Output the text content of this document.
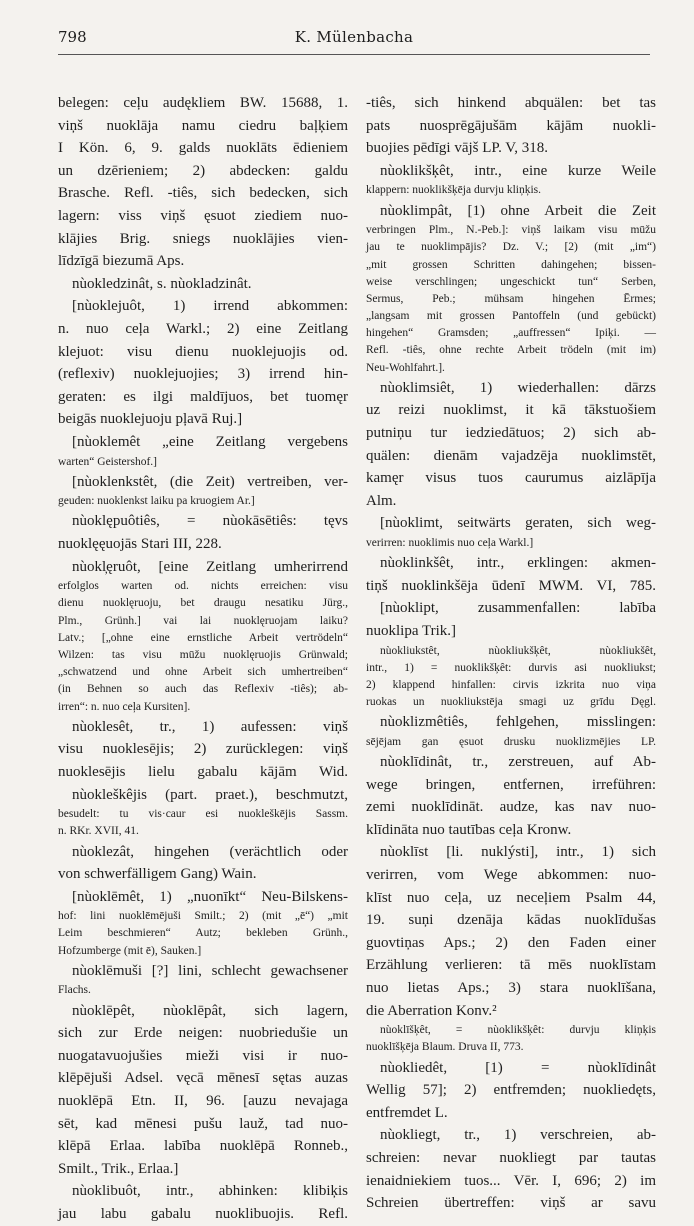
798	K. Mülenbacha
belegen: ceļu audękliem BW. 15688, 1.
viņš nuoklāja namu ciedru baļķiem
I Kön. 6, 9. galds nuoklāts ēdieniem
un dzērieniem; 2) abdecken: galdu
Brasche. Refl. -tiês, sich bedecken, sich
lagern: viss viņš ęsuot ziediem nuo-
klājies Brig. sniegs nuoklājies vien-
līdzīgā biezumā Aps.
nùokledzinât, s. nùokladzinât.
[nùoklejuôt, 1) irrend abkommen:
n. nuo ceļa Warkl.; 2) eine Zeitlang
klejuot: visu dienu nuoklejuojis od.
(reflexiv) nuoklejuojies; 3) irrend hin-
geraten: es ilgi maldījuos, bet tuomęr
beigās nuoklejuoju pļavā Ruj.]
[nùoklemêt „eine Zeitlang vergebens
warten“ Geistershof.]
[nùoklenkstêt, (die Zeit) vertreiben, ver-
geuden: nuoklenkst laiku pa kruogiem Ar.]
nùoklępuôtiês, = nùokāsētiês: tęvs
nuoklęęuojās Stari III, 228.
nùokl̦ęruôt, [eine Zeitlang umherirrend
erfolglos warten od. nichts erreichen: visu
dienu nuoklęruoju, bet draugu nesatiku Jürg.,
Plm., Grünh.] vai lai nuoklęruojam laiku?
Latv.; [„ohne eine ernstliche Arbeit vertrödeln“
Wilzen: tas visu mūžu nuoklęruojis Grünwald;
„schwatzend und ohne Arbeit sich umhertreiben“
(in Behnen so auch das Reflexiv -tiês); ab-
irren“: n. nuo ceļa Kursiten].
nùoklesêt, tr., 1) aufessen: viņš
visu nuoklesējis; 2) zurücklegen: viņš
nuoklesējis lielu gabalu kājām Wid.
nùokleškêjis (part. praet.), beschmutzt,
besudelt: tu vis·caur esi nuokleškējis Sassm.
n. RKr. XVII, 41.
nùoklezât, hingehen (verächtlich oder
von schwerfälligem Gang) Wain.
[nùoklēmêt, 1) „nuonīkt“ Neu-Bilskens-
hof: lini nuoklēmējuši Smilt.; 2) (mit „ē“) „mit
Leim beschmieren“ Autz; bekleben Grünh.,
Hofzumberge (mit ē), Sauken.]
nùoklēmuši [?] lini, schlecht gewachsener
Flachs.
nùoklēpêt, nùoklēpât, sich lagern,
sich zur Erde neigen: nuobriedušie un
nuogatavuojušies mieži visi ir nuo-
klēpējuši Adsel. vęcā mēnesī sętas auzas
nuoklēpā Etn. II, 96. [auzu nevajaga
sēt, kad mēnesi pušu lauž, tad nuo-
klēpā Erlaa. labība nuoklēpā Ronneb.,
Smilt., Trik., Erlaa.]
nùoklibuôt, intr., abhinken: klibiķis
jau labu gabalu nuoklibuojis. Refl.
-tiês, sich hinkend abquälen: bet tas
pats nuosprēgājušām kājām nuokli-
buojies pēdīgi vājš LP. V, 318.
nùoklikšķêt, intr., eine kurze Weile
klappern: nuoklikšķēja durvju kliņķis.
nùoklimpât, [1) ohne Arbeit die Zeit
verbringen Plm., N.-Peb.]: viņš laikam visu mūžu
jau te nuoklimpājis? Dz. V.; [2) (mit „im“)
„mit grossen Schritten dahingehen; bissen-
weise verschlingen; ungeschickt tun“ Serben,
Sermus, Peb.; mühsam hingehen Ērmes;
„langsam mit grossen Pantoffeln (und gebückt)
hingehen“ Gramsden; „auffressen“ Ipiķi. —
Refl. -tiês, ohne rechte Arbeit trödeln (mit im)
Neu-Wohlfahrt.].
nùoklimsiêt, 1) wiederhallen: dārzs
uz reizi nuoklimst, it kā tākstuošiem
putniņu tur iedziedātuos; 2) sich ab-
quälen: dienām vajadzēja nuoklimstēt,
kamęr visus tuos caurumus aizlāpīja
Alm.
[nùoklimt, seitwärts geraten, sich weg-
verirren: nuoklimis nuo ceļa Warkl.]
nùoklinkšêt, intr., erklingen: akmen-
tiņš nuoklinkšēja ūdenī MWM. VI, 785.
[nùoklipt, zusammenfallen: labība
nuoklipa Trik.]
nùokliukstêt, nùokliukšķêt, nùokliukšêt,
intr., 1) = nuoklikšķêt: durvis asi nuokliukst;
2) klappend hinfallen: cirvis izkrita nuo viņa
ruokas un nuokliukstēja smagi uz grīdu Dęgl.
nùoklizmêtiês, fehlgehen, misslingen:
sējējam gan ęsuot drusku nuoklizmējies LP.
nùoklīdinât, tr., zerstreuen, auf Ab-
wege bringen, entfernen, irreführen:
zemi nuoklīdināt. audze, kas nav nuo-
klīdināta nuo tautības ceļa Kronw.
nùoklīst [li. nuklýsti], intr., 1) sich
verirren, vom Wege abkommen: nuo-
klīst nuo ceļa, uz neceļiem Psalm 44,
19. suņi dzenāja kādas nuoklīdušas
guovtiņas Aps.; 2) den Faden einer
Erzählung verlieren: tā mēs nuoklīstam
nuo lietas Aps.; 3) stara nuoklīšana,
die Aberration Konv.²
nùoklīšķêt, = nùoklikšķêt: durvju kliņķis
nuoklīšķēja Blaum. Druva II, 773.
nùokliedêt, [1) = nùoklīdinât
Wellig 57]; 2) entfremden; nuokliedęts,
entfremdet L.
nùokliegt, tr., 1) verschreien, ab-
schreien: nevar nuokliegt par tautas
ienaidniekiem tuos... Vēr. I, 696; 2) im
Schreien übertreffen: viņš ar savu
